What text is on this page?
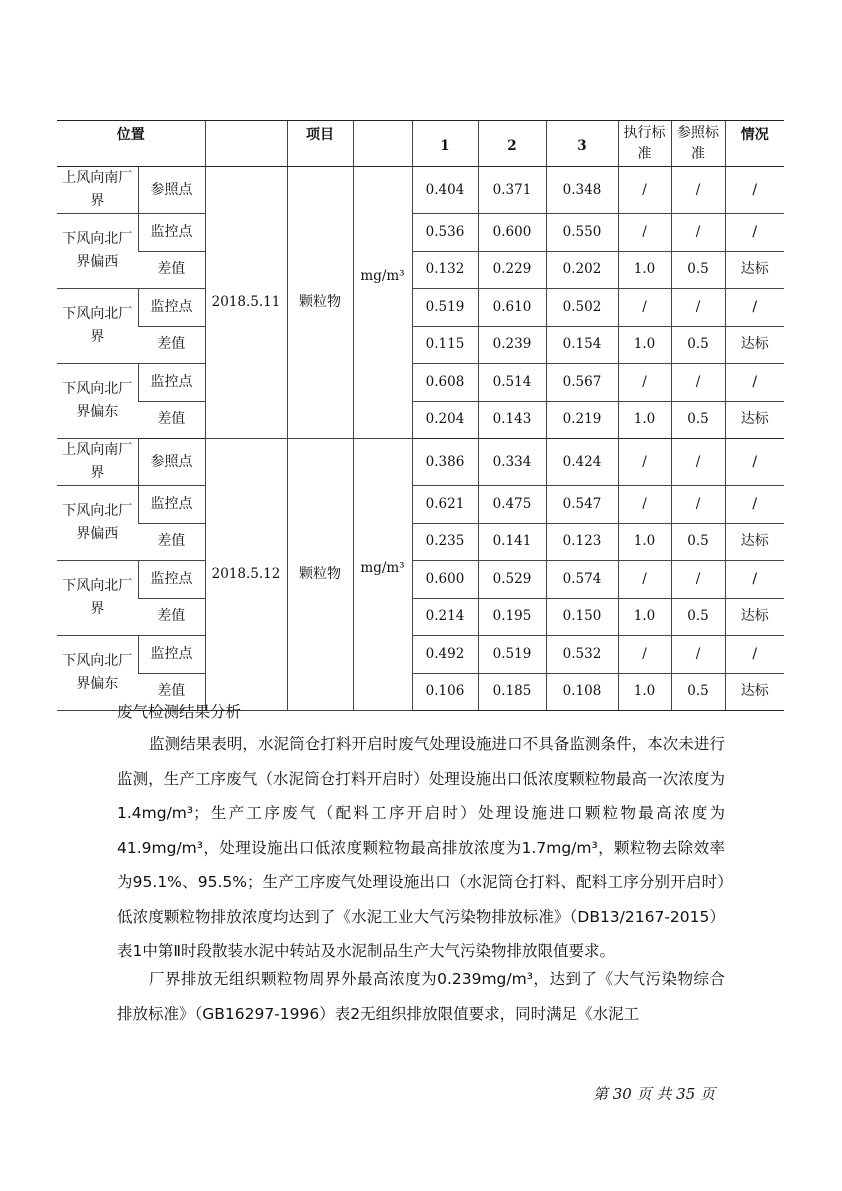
位置			项目		1	2	3	执行标准	参照标准	情况
上风向南厂界	参照点	2018.5.11	颗粒物	mg/m³	0.404	0.371	0.348	/	/	/
下风向北厂界偏西	监控点				0.536	0.600	0.550	/	/	/
	差值				0.132	0.229	0.202	1.0	0.5	达标
下风向北厂界	监控点				0.519	0.610	0.502	/	/	/
	差值				0.115	0.239	0.154	1.0	0.5	达标
下风向北厂界偏东	监控点				0.608	0.514	0.567	/	/	/
	差值				0.204	0.143	0.219	1.0	0.5	达标
上风向南厂界	参照点	2018.5.12	颗粒物	mg/m³	0.386	0.334	0.424	/	/	/
下风向北厂界偏西	监控点				0.621	0.475	0.547	/	/	/
	差值				0.235	0.141	0.123	1.0	0.5	达标
下风向北厂界	监控点				0.600	0.529	0.574	/	/	/
	差值				0.214	0.195	0.150	1.0	0.5	达标
下风向北厂界偏东	监控点				0.492	0.519	0.532	/	/	/
	差值				0.106	0.185	0.108	1.0	0.5	达标
废气检测结果分析

监测结果表明，水泥筒仓打料开启时废气处理设施进口不具备监测条件，本次未进行监测，生产工序废气（水泥筒仓打料开启时）处理设施出口低浓度颗粒物最高一次浓度为1.4mg/m³；生产工序废气（配料工序开启时）处理设施进口颗粒物最高浓度为41.9mg/m³，处理设施出口低浓度颗粒物最高排放浓度为1.7mg/m³，颗粒物去除效率为95.1%、95.5%；生产工序废气处理设施出口（水泥筒仓打料、配料工序分别开启时）低浓度颗粒物排放浓度均达到了《水泥工业大气污染物排放标准》（DB13/2167-2015）表1中第Ⅱ时段散装水泥中转站及水泥制品生产大气污染物排放限值要求。

厂界排放无组织颗粒物周界外最高浓度为0.239mg/m³，达到了《大气污染物综合排放标准》（GB16297-1996）表2无组织排放限值要求，同时满足《水泥工

第 30 页 共 35 页
